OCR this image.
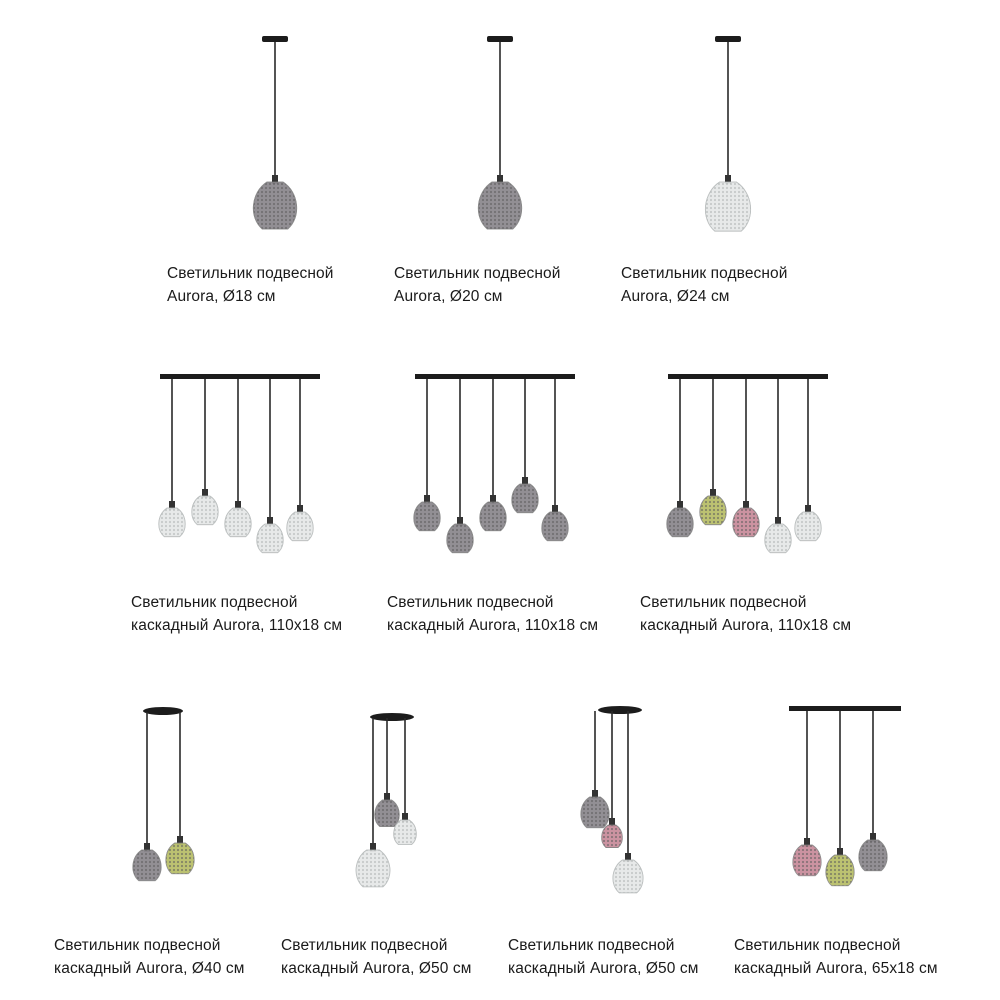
Светильник подвесной
Aurora, Ø18 см
Светильник подвесной
Aurora, Ø20 см
Светильник подвесной
Aurora, Ø24 см
Светильник подвесной
каскадный Aurora, 110x18 см
Светильник подвесной
каскадный Aurora, 110x18 см
Светильник подвесной
каскадный Aurora, 110x18 см
Светильник подвесной
каскадный Aurora, Ø40 см
Светильник подвесной
каскадный Aurora, Ø50 см
Светильник подвесной
каскадный Aurora, Ø50 см
Светильник подвесной
каскадный Aurora, 65x18 см
